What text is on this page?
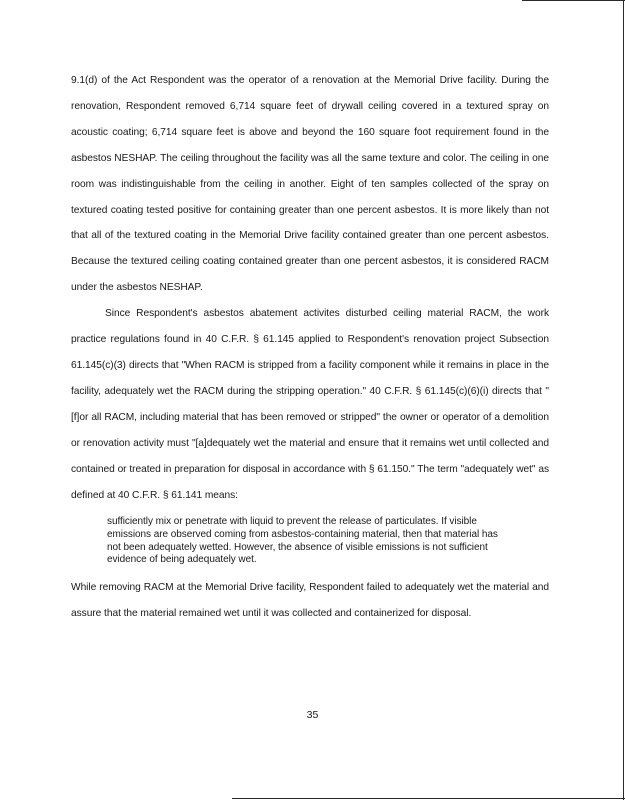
9.1(d) of the Act Respondent was the operator of a renovation at the Memorial Drive facility. During the renovation, Respondent removed 6,714 square feet of drywall ceiling covered in a textured spray on acoustic coating; 6,714 square feet is above and beyond the 160 square foot requirement found in the asbestos NESHAP. The ceiling throughout the facility was all the same texture and color. The ceiling in one room was indistinguishable from the ceiling in another. Eight of ten samples collected of the spray on textured coating tested positive for containing greater than one percent asbestos. It is more likely than not that all of the textured coating in the Memorial Drive facility contained greater than one percent asbestos. Because the textured ceiling coating contained greater than one percent asbestos, it is considered RACM under the asbestos NESHAP.

Since Respondent's asbestos abatement activites disturbed ceiling material RACM, the work practice regulations found in 40 C.F.R. § 61.145 applied to Respondent's renovation project Subsection 61.145(c)(3) directs that "When RACM is stripped from a facility component while it remains in place in the facility, adequately wet the RACM during the stripping operation." 40 C.F.R. § 61.145(c)(6)(i) directs that "[f]or all RACM, including material that has been removed or stripped" the owner or operator of a demolition or renovation activity must "[a]dequately wet the material and ensure that it remains wet until collected and contained or treated in preparation for disposal in accordance with § 61.150." The term "adequately wet" as defined at 40 C.F.R. § 61.141 means:

sufficiently mix or penetrate with liquid to prevent the release of particulates. If visible emissions are observed coming from asbestos-containing material, then that material has not been adequately wetted. However, the absence of visible emissions is not sufficient evidence of being adequately wet.

While removing RACM at the Memorial Drive facility, Respondent failed to adequately wet the material and assure that the material remained wet until it was collected and containerized for disposal.

35
